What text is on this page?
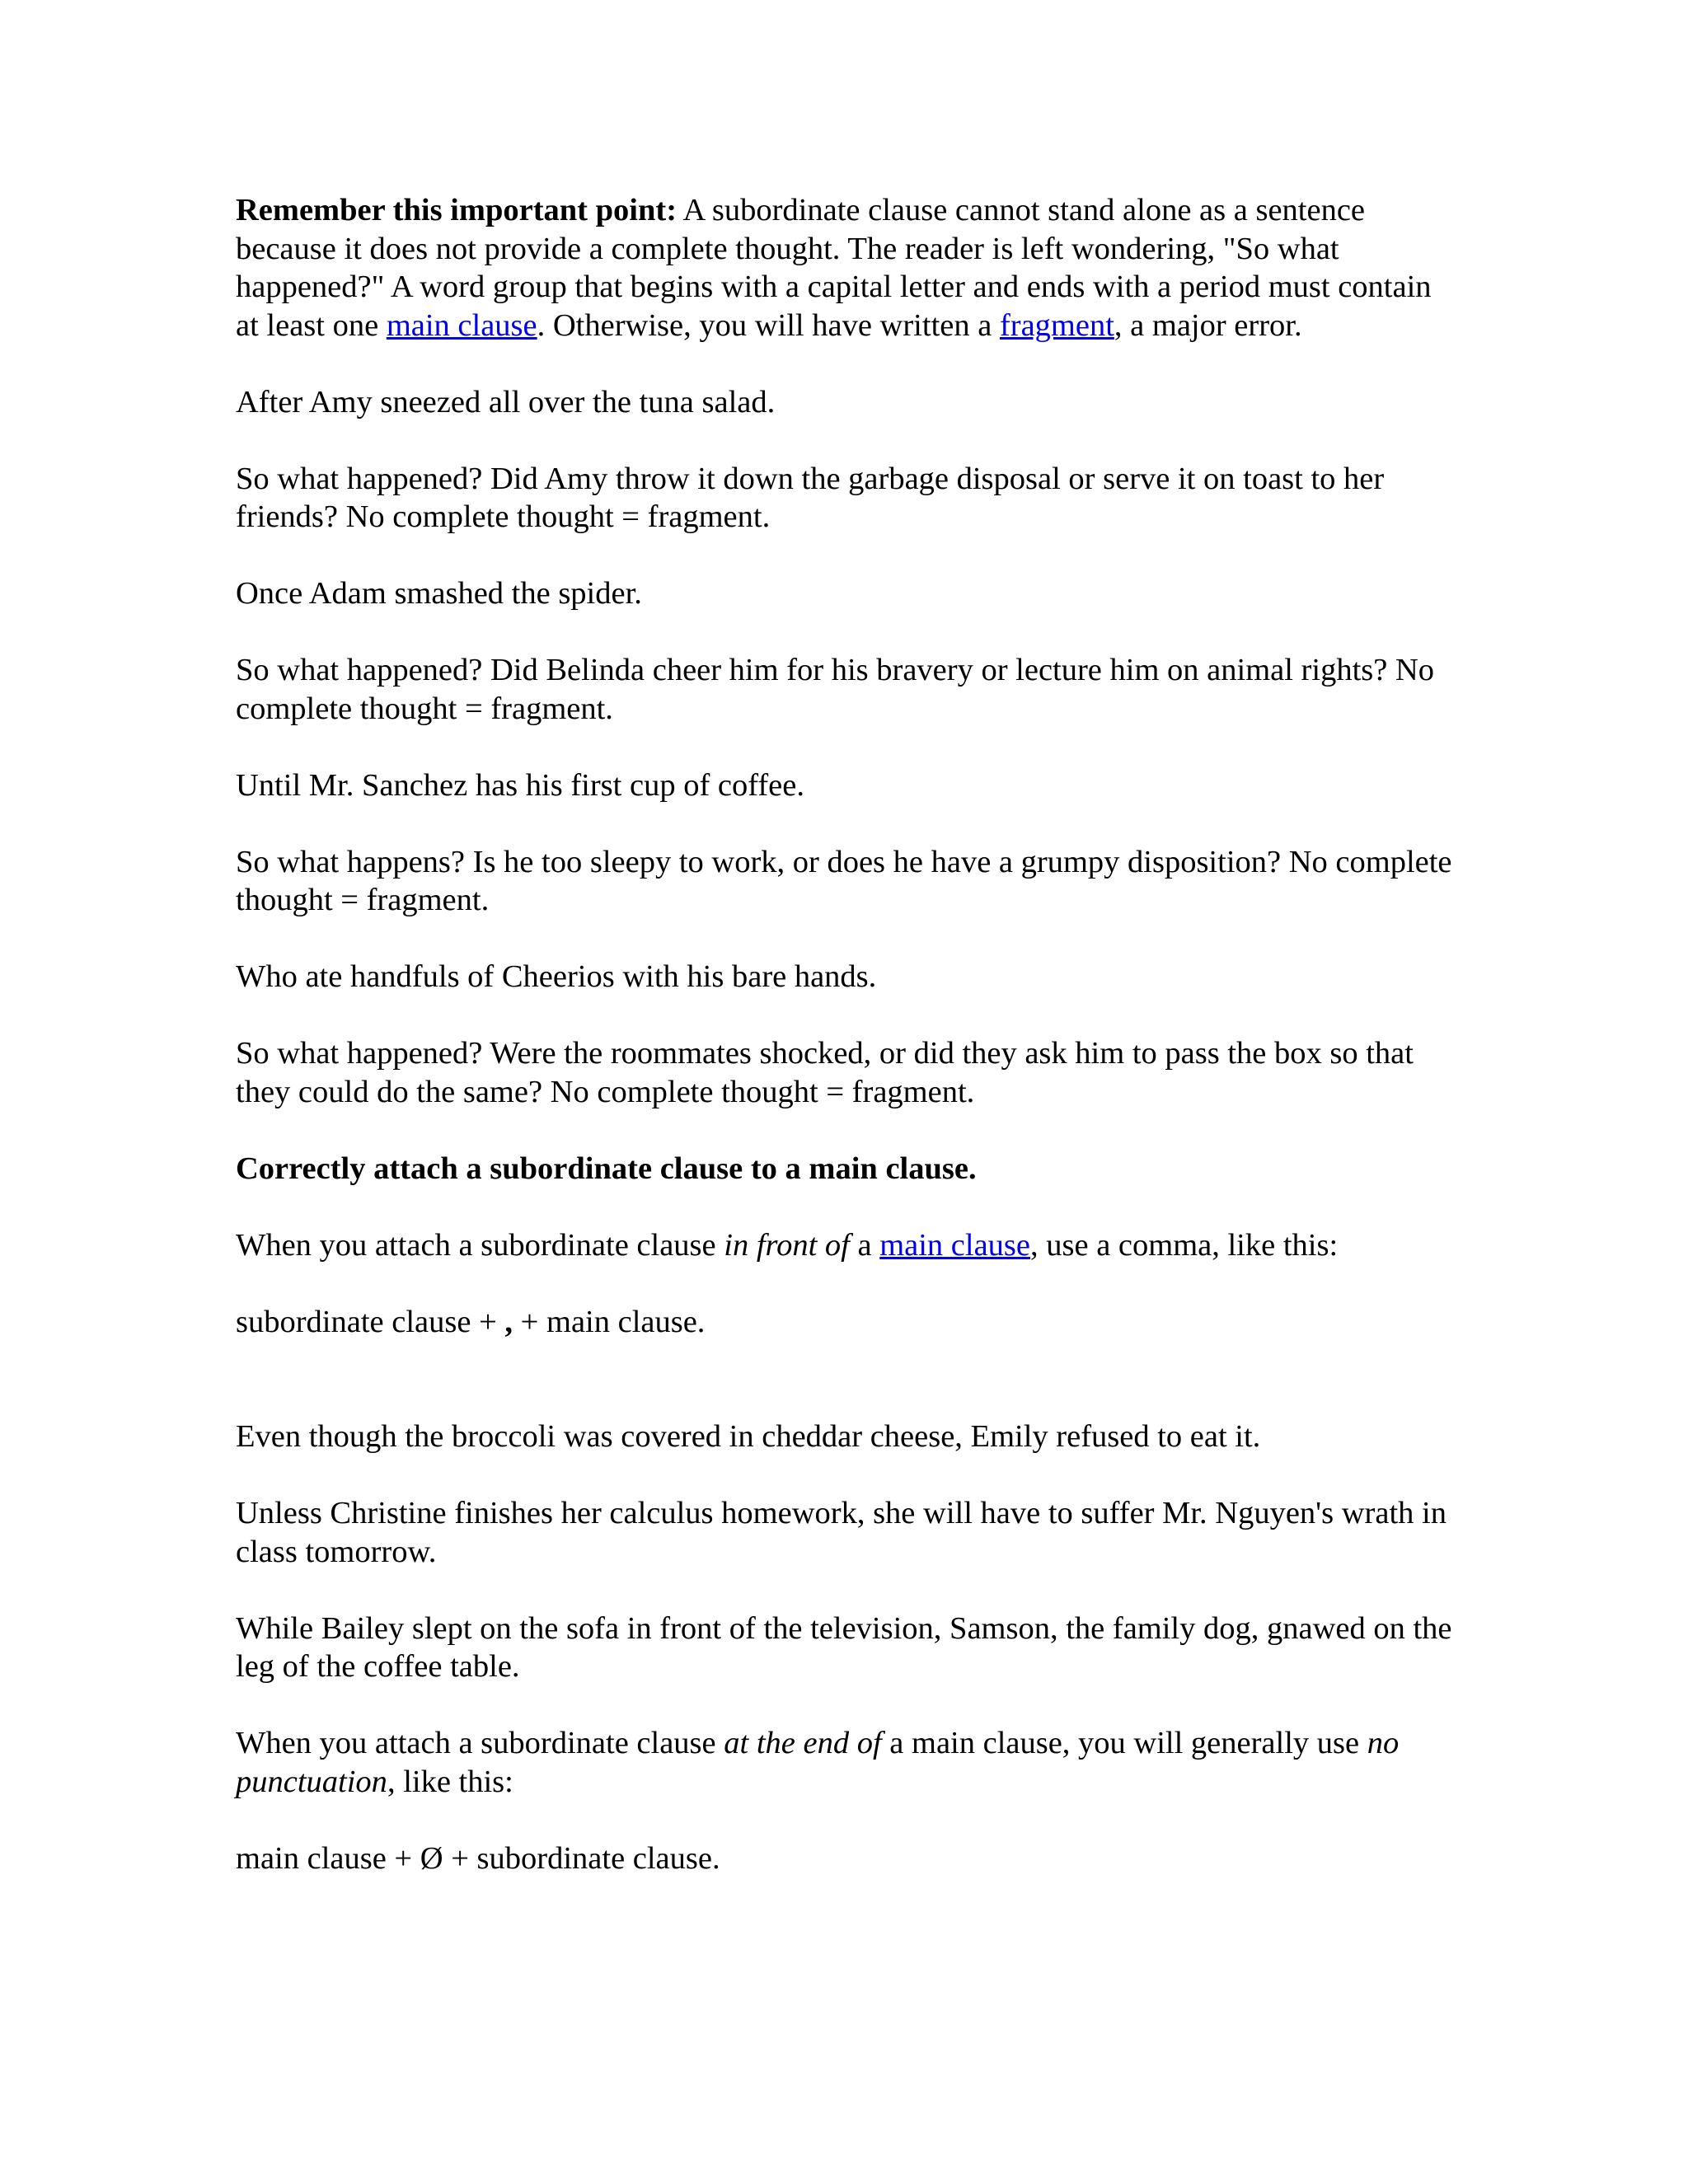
Remember this important point: A subordinate clause cannot stand alone as a sentence because it does not provide a complete thought. The reader is left wondering, "So what happened?" A word group that begins with a capital letter and ends with a period must contain at least one main clause. Otherwise, you will have written a fragment, a major error.

After Amy sneezed all over the tuna salad.

So what happened? Did Amy throw it down the garbage disposal or serve it on toast to her friends? No complete thought = fragment.

Once Adam smashed the spider.

So what happened? Did Belinda cheer him for his bravery or lecture him on animal rights? No complete thought = fragment.

Until Mr. Sanchez has his first cup of coffee.

So what happens? Is he too sleepy to work, or does he have a grumpy disposition? No complete thought = fragment.

Who ate handfuls of Cheerios with his bare hands.

So what happened? Were the roommates shocked, or did they ask him to pass the box so that they could do the same? No complete thought = fragment.

Correctly attach a subordinate clause to a main clause.

When you attach a subordinate clause in front of a main clause, use a comma, like this:

subordinate clause + , + main clause.

Even though the broccoli was covered in cheddar cheese, Emily refused to eat it.

Unless Christine finishes her calculus homework, she will have to suffer Mr. Nguyen's wrath in class tomorrow.

While Bailey slept on the sofa in front of the television, Samson, the family dog, gnawed on the leg of the coffee table.

When you attach a subordinate clause at the end of a main clause, you will generally use no punctuation, like this:

main clause + Ø + subordinate clause.
